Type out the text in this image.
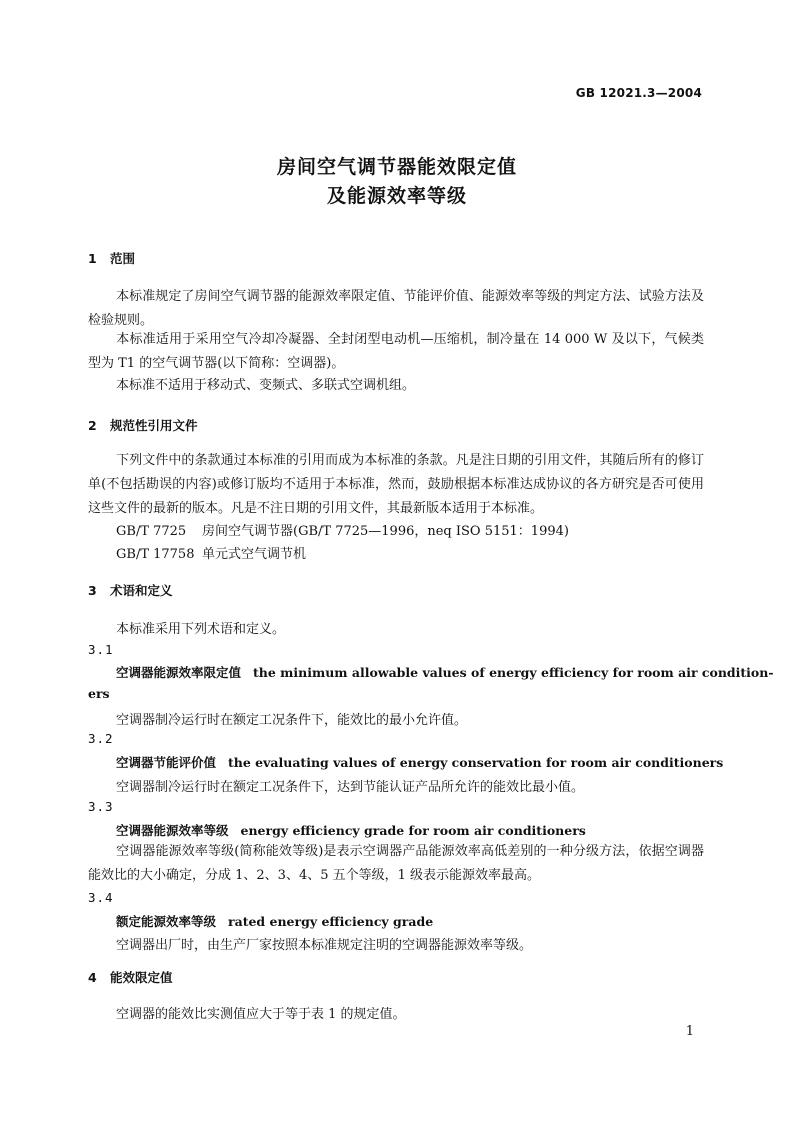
GB 12021.3—2004
房间空气调节器能效限定值
及能源效率等级
1 范围
本标准规定了房间空气调节器的能源效率限定值、节能评价值、能源效率等级的判定方法、试验方法及检验规则。
本标准适用于采用空气冷却冷凝器、全封闭型电动机—压缩机，制冷量在 14 000 W 及以下，气候类型为 T1 的空气调节器(以下简称：空调器)。
本标准不适用于移动式、变频式、多联式空调机组。
2 规范性引用文件
下列文件中的条款通过本标准的引用而成为本标准的条款。凡是注日期的引用文件，其随后所有的修订单(不包括勘误的内容)或修订版均不适用于本标准，然而，鼓励根据本标准达成协议的各方研究是否可使用这些文件的最新的版本。凡是不注日期的引用文件，其最新版本适用于本标准。
GB/T 7725 房间空气调节器(GB/T 7725—1996，neq ISO 5151：1994)
GB/T 17758 单元式空气调节机
3 术语和定义
本标准采用下列术语和定义。
3.1
空调器能源效率限定值 the minimum allowable values of energy efficiency for room air condition-
ers
空调器制冷运行时在额定工况条件下，能效比的最小允许值。
3.2
空调器节能评价值 the evaluating values of energy conservation for room air conditioners
空调器制冷运行时在额定工况条件下，达到节能认证产品所允许的能效比最小值。
3.3
空调器能源效率等级 energy efficiency grade for room air conditioners
空调器能源效率等级(简称能效等级)是表示空调器产品能源效率高低差别的一种分级方法，依据空调器能效比的大小确定，分成 1、2、3、4、5 五个等级，1 级表示能源效率最高。
3.4
额定能源效率等级 rated energy efficiency grade
空调器出厂时，由生产厂家按照本标准规定注明的空调器能源效率等级。
4 能效限定值
空调器的能效比实测值应大于等于表 1 的规定值。
1
